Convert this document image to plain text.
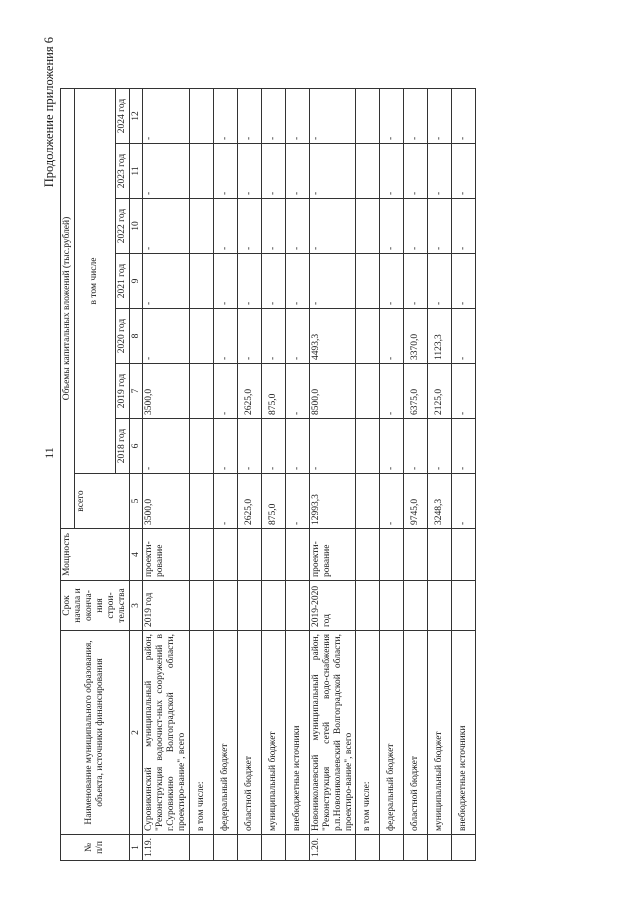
11
Продолжение приложения 6
№ п/п	Наименование муниципального образования, объекта, источники финансирования	Срок начала и оконча-ния строи-тельства	Мощность	Объемы капитальных вложений (тыс.рублей)							
				всего	в том числе						
					2018 год	2019 год	2020 год	2021 год	2022 год	2023 год	2024 год
1	2	3	4	5	6	7	8	9	10	11	12
1.19.	Суровикинский муниципальный район, "Реконструкция водоочист-ных сооружений в г.Суровикино Волгоградской области, проектиро-вание", всего	2019 год	проекти-рование	3500,0	-	3500,0	-	-	-	-	-
	в том числе:										
	федеральный бюджет			-	-	-	-	-	-	-	-
	областной бюджет			2625,0	-	2625,0	-	-	-	-	-
	муниципальный бюджет			875,0	-	875,0	-	-	-	-	-
	внебюджетные источники			-	-	-	-	-	-	-	-
1.20.	Новониколаевский муниципальный район, "Реконструкция сетей водо-снабжения р.п.Новониколаевский Волгоградской области, проектиро-вание", всего	2019-2020 год	проекти-рование	12993,3	-	8500,0	4493,3	-	-	-	-
	в том числе:										
	федеральный бюджет			-	-	-	-	-	-	-	-
	областной бюджет			9745,0	-	6375,0	3370,0	-	-	-	-
	муниципальный бюджет			3248,3	-	2125,0	1123,3	-	-	-	-
	внебюджетные источники			-	-	-	-	-	-	-	-
